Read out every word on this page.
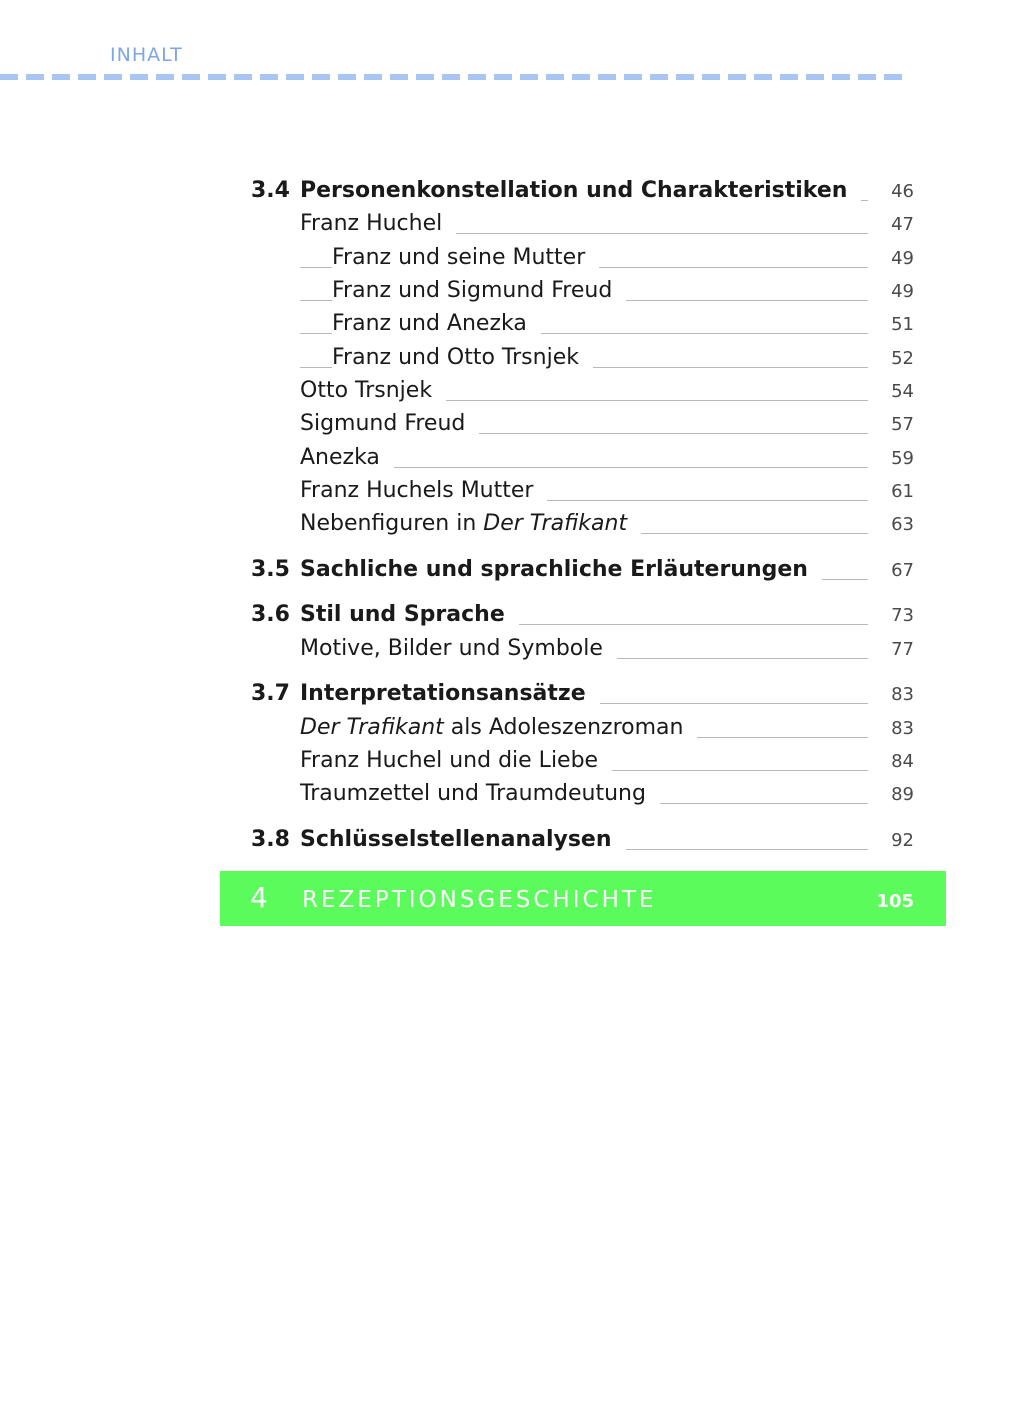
INHALT
3.4 Personenkonstellation und Charakteristiken	46
Franz Huchel	47
Franz und seine Mutter	49
Franz und Sigmund Freud	49
Franz und Anezka	51
Franz und Otto Trsnjek	52
Otto Trsnjek	54
Sigmund Freud	57
Anezka	59
Franz Huchels Mutter	61
Nebenfiguren in Der Trafikant	63
3.5 Sachliche und sprachliche Erläuterungen	67
3.6 Stil und Sprache	73
Motive, Bilder und Symbole	77
3.7 Interpretationsansätze	83
Der Trafikant als Adoleszenzroman	83
Franz Huchel und die Liebe	84
Traumzettel und Traumdeutung	89
3.8 Schlüsselstellenanalysen	92
4 REZEPTIONSGESCHICHTE	105
